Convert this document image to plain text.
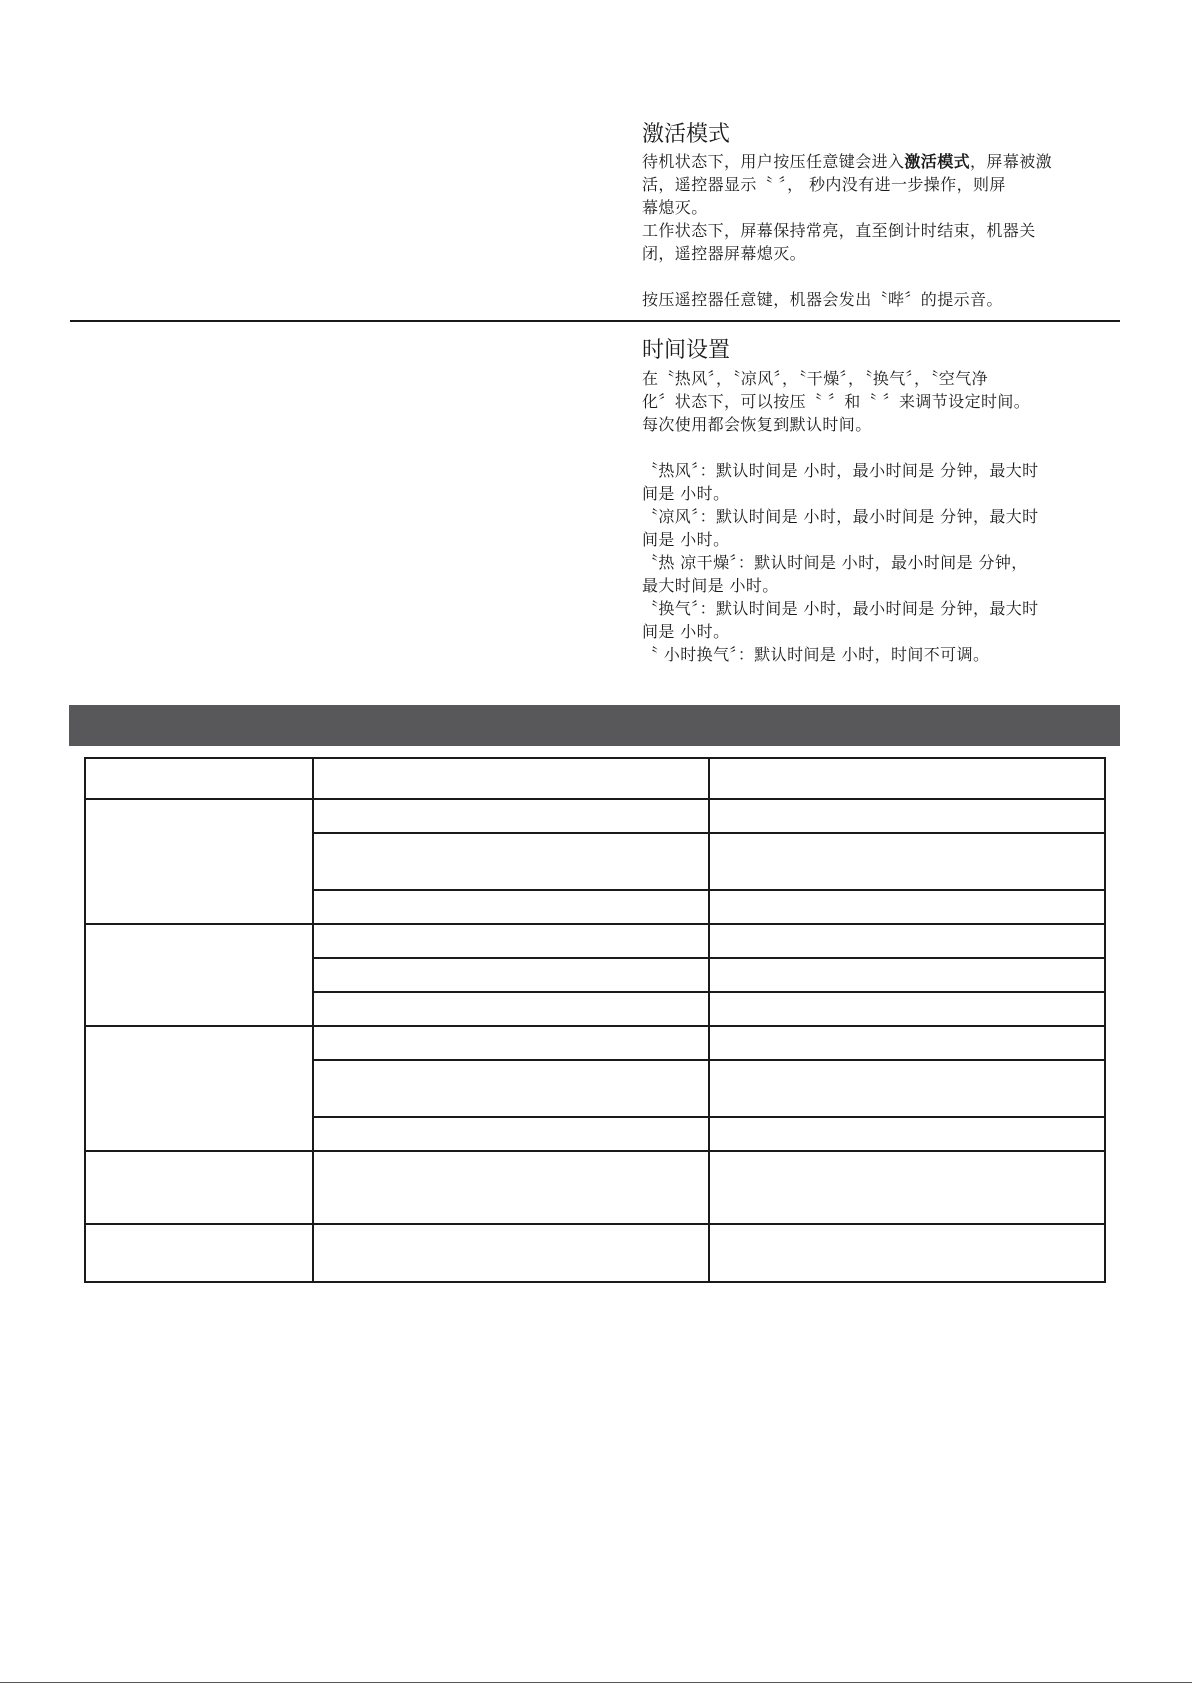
激活模式
待机状态下，用户按压任意键会进入激活模式，屏幕被激
活，遥控器显示〝 〞， 秒内没有进一步操作，则屏
幕熄灭。
工作状态下，屏幕保持常亮，直至倒计时结束，机器关
闭，遥控器屏幕熄灭。
按压遥控器任意键，机器会发出〝哔〞的提示音。
时间设置
在〝热风〞，〝凉风〞，〝干燥〞，〝换气〞，〝空气净
化〞状态下，可以按压〝 〞和〝 〞来调节设定时间。
每次使用都会恢复到默认时间。
〝热风〞：默认时间是 小时，最小时间是 分钟，最大时
间是 小时。
〝凉风〞：默认时间是 小时，最小时间是 分钟，最大时
间是 小时。
〝热 凉干燥〞：默认时间是 小时，最小时间是 分钟，
最大时间是 小时。
〝换气〞：默认时间是 小时，最小时间是 分钟，最大时
间是 小时。
〝 小时换气〞：默认时间是 小时，时间不可调。
